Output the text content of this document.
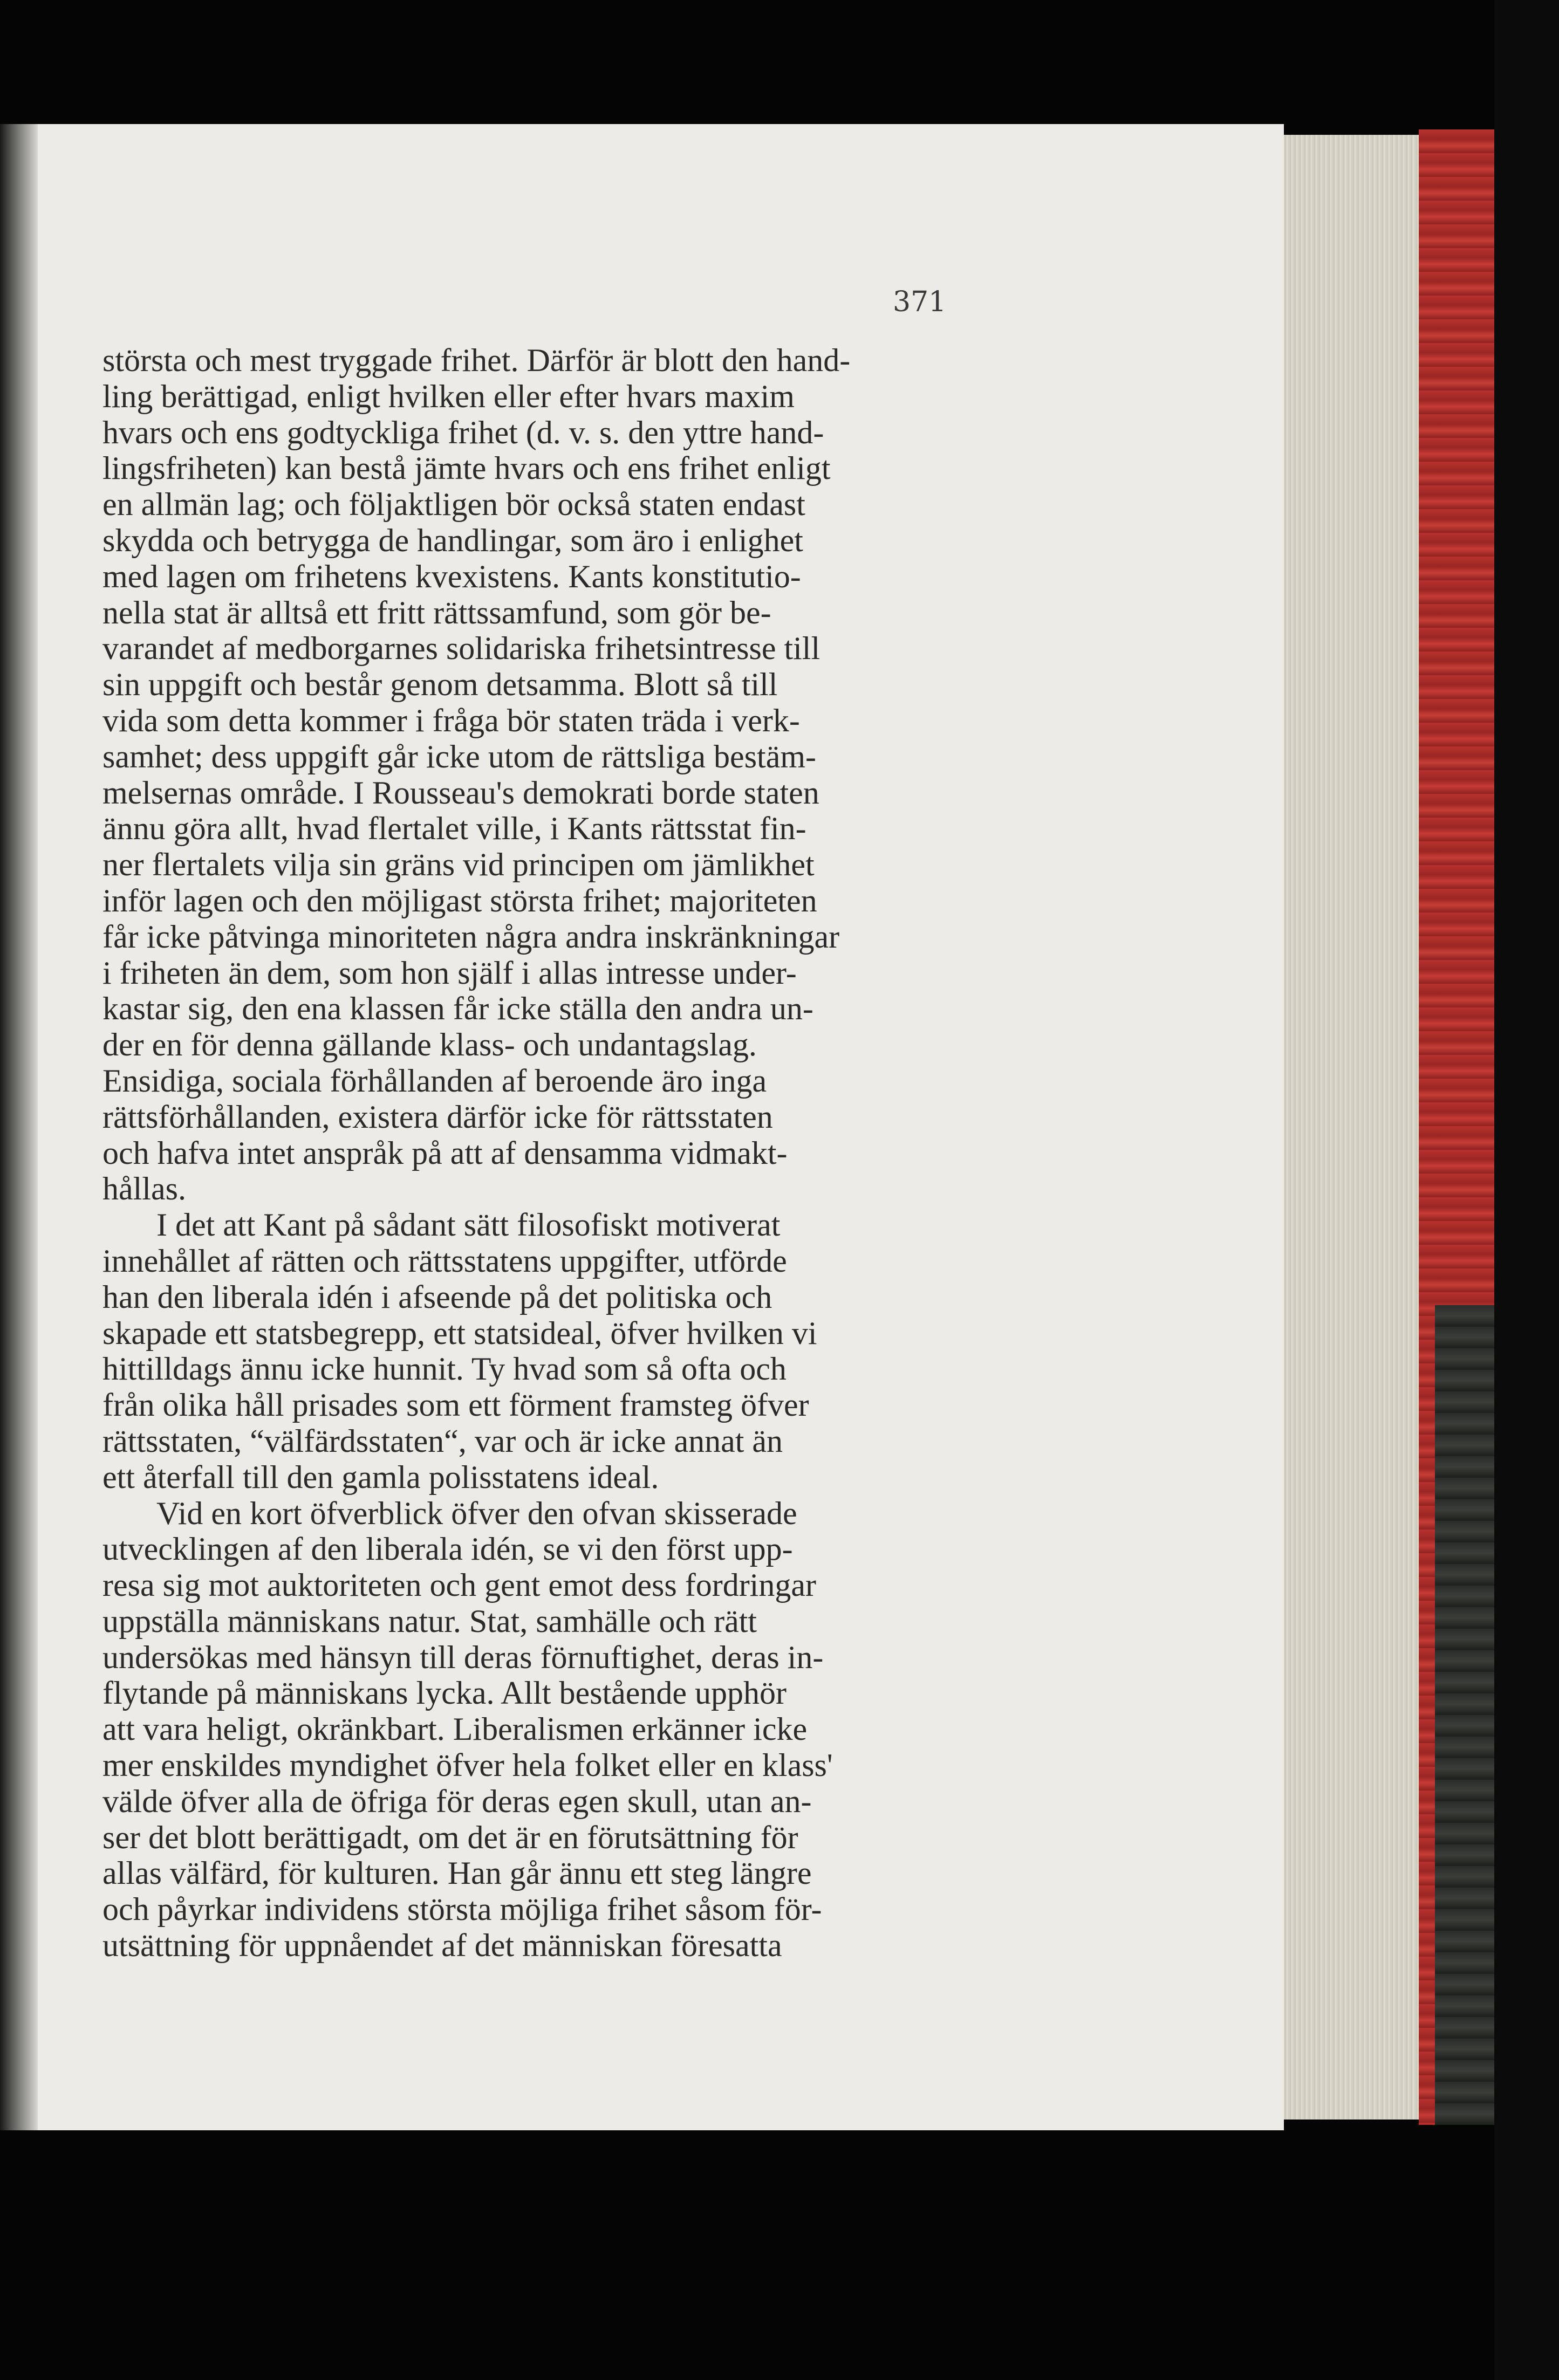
371

största och mest tryggade frihet. Därför är blott den hand-
ling berättigad, enligt hvilken eller efter hvars maxim
hvars och ens godtyckliga frihet (d. v. s. den yttre hand-
lingsfriheten) kan bestå jämte hvars och ens frihet enligt
en allmän lag; och följaktligen bör också staten endast
skydda och betrygga de handlingar, som äro i enlighet
med lagen om frihetens kvexistens. Kants konstitutio-
nella stat är alltså ett fritt rättssamfund, som gör be-
varandet af medborgarnes solidariska frihetsintresse till
sin uppgift och består genom detsamma. Blott så till
vida som detta kommer i fråga bör staten träda i verk-
samhet; dess uppgift går icke utom de rättsliga bestäm-
melsernas område. I Rousseau's demokrati borde staten
ännu göra allt, hvad flertalet ville, i Kants rättsstat fin-
ner flertalets vilja sin gräns vid principen om jämlikhet
inför lagen och den möjligast största frihet; majoriteten
får icke påtvinga minoriteten några andra inskränkningar
i friheten än dem, som hon själf i allas intresse under-
kastar sig, den ena klassen får icke ställa den andra un-
der en för denna gällande klass- och undantagslag.
Ensidiga, sociala förhållanden af beroende äro inga
rättsförhållanden, existera därför icke för rättsstaten
och hafva intet anspråk på att af densamma vidmakt-
hållas.
I det att Kant på sådant sätt filosofiskt motiverat
innehållet af rätten och rättsstatens uppgifter, utförde
han den liberala idén i afseende på det politiska och
skapade ett statsbegrepp, ett statsideal, öfver hvilken vi
hittilldags ännu icke hunnit. Ty hvad som så ofta och
från olika håll prisades som ett förment framsteg öfver
rättsstaten, “välfärdsstaten“, var och är icke annat än
ett återfall till den gamla polisstatens ideal.
Vid en kort öfverblick öfver den ofvan skisserade
utvecklingen af den liberala idén, se vi den först upp-
resa sig mot auktoriteten och gent emot dess fordringar
uppställa människans natur. Stat, samhälle och rätt
undersökas med hänsyn till deras förnuftighet, deras in-
flytande på människans lycka. Allt bestående upphör
att vara heligt, okränkbart. Liberalismen erkänner icke
mer enskildes myndighet öfver hela folket eller en klass'
välde öfver alla de öfriga för deras egen skull, utan an-
ser det blott berättigadt, om det är en förutsättning för
allas välfärd, för kulturen. Han går ännu ett steg längre
och påyrkar individens största möjliga frihet såsom för-
utsättning för uppnåendet af det människan föresatta
